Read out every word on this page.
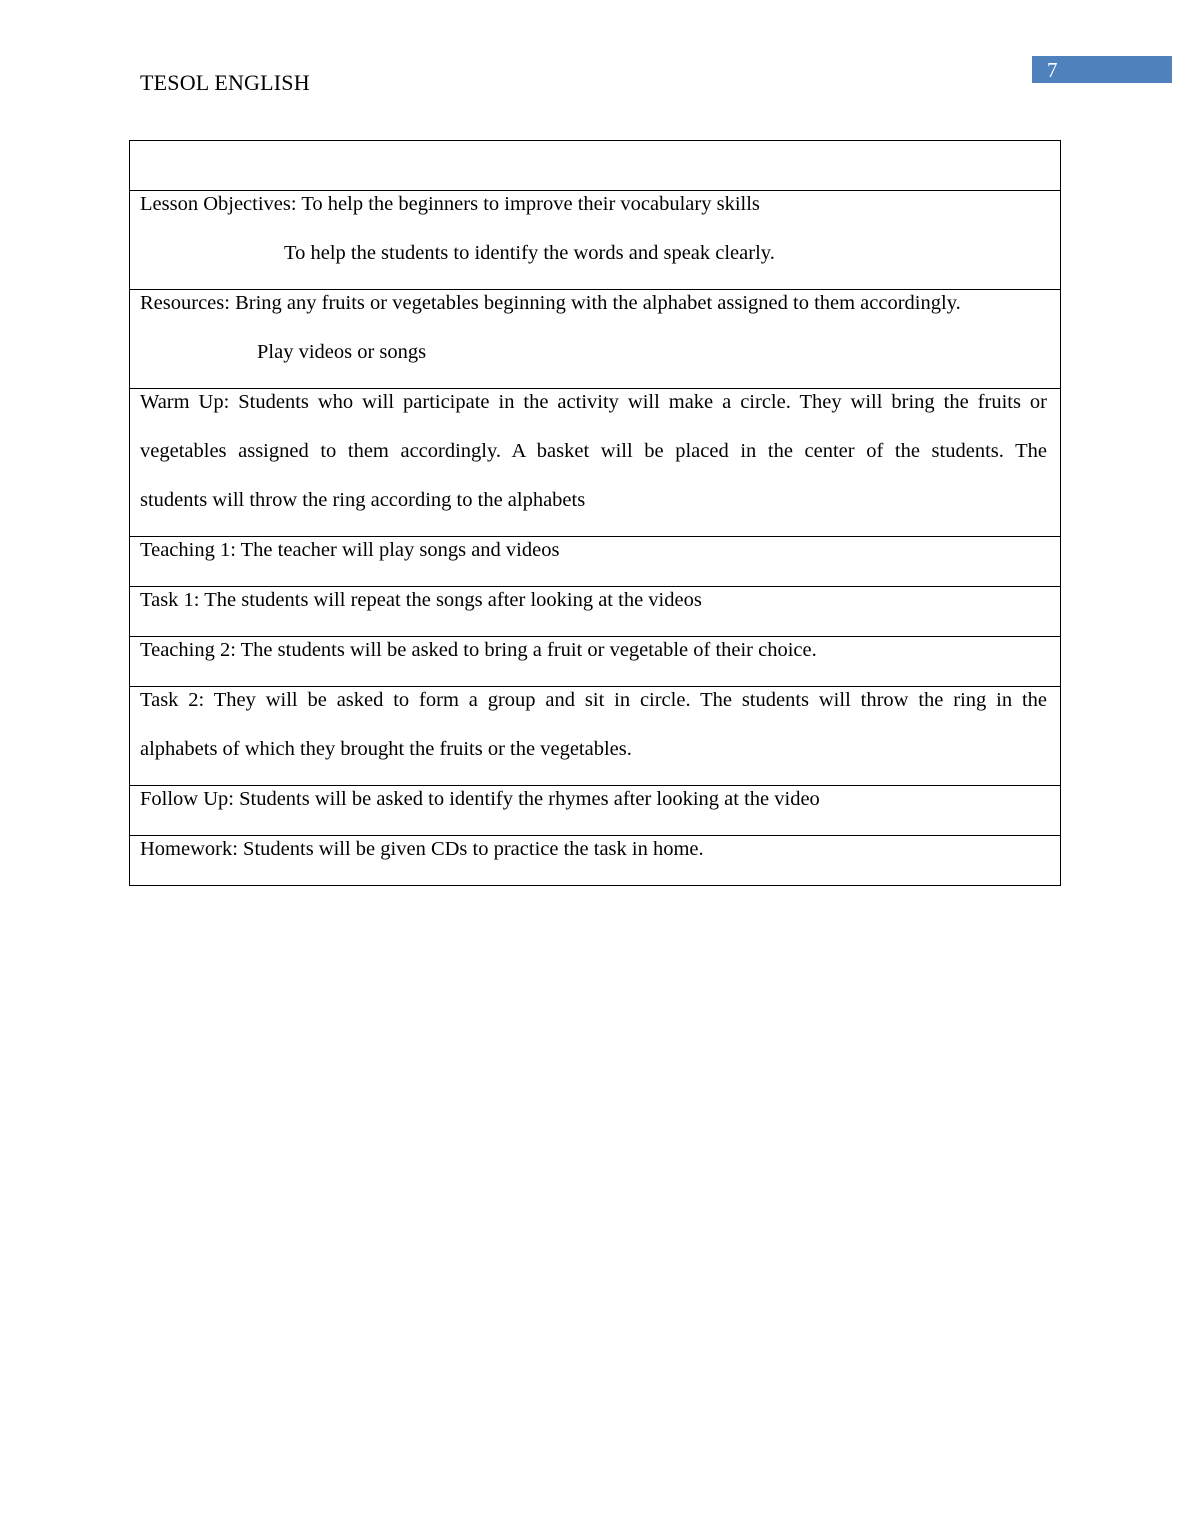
TESOL ENGLISH	7

Lesson Objectives: To help the beginners to improve their vocabulary skills
To help the students to identify the words and speak clearly.

Resources: Bring any fruits or vegetables beginning with the alphabet assigned to them accordingly.
Play videos or songs

Warm Up: Students who will participate in the activity will make a circle. They will bring the fruits or
vegetables assigned to them accordingly. A basket will be placed in the center of the students. The
students will throw the ring according to the alphabets

Teaching 1: The teacher will play songs and videos

Task 1: The students will repeat the songs after looking at the videos

Teaching 2: The students will be asked to bring a fruit or vegetable of their choice.

Task 2: They will be asked to form a group and sit in circle. The students will throw the ring in the
alphabets of which they brought the fruits or the vegetables.

Follow Up: Students will be asked to identify the rhymes after looking at the video

Homework: Students will be given CDs to practice the task in home.
